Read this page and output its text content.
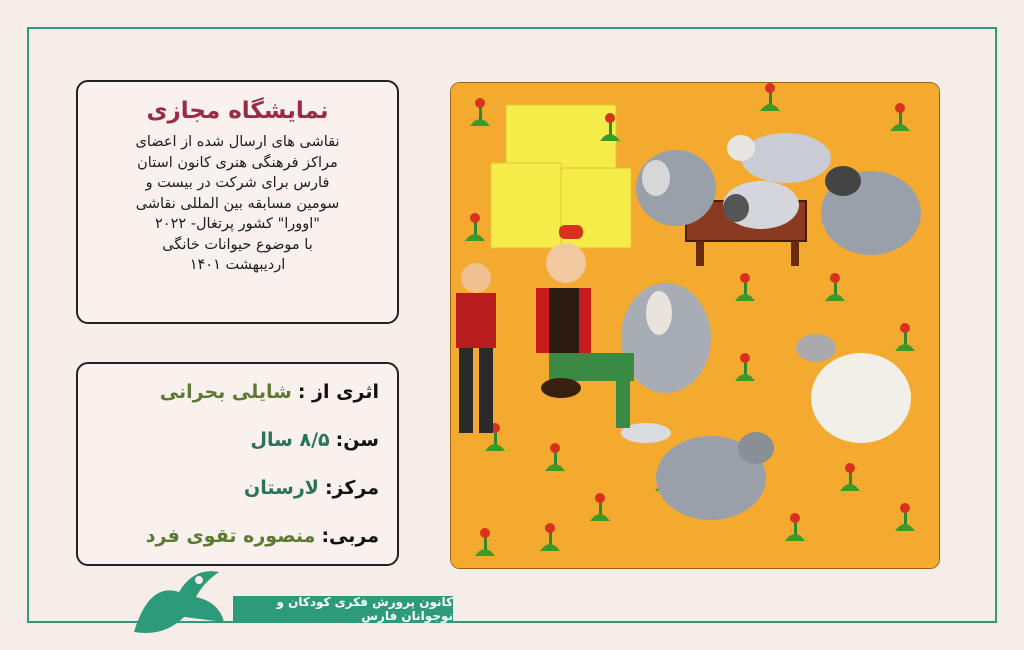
نمایشگاه مجازی
نقاشی های ارسال شده از اعضای
مراکز فرهنگی هنری کانون استان
فارس برای شرکت در بیست و
سومین مسابقه بین المللی نقاشی
"اوورا" کشور پرتغال- ۲۰۲۲
با موضوع حیوانات خانگی
اردیبهشت ۱۴۰۱
اثری از :
شایلی بحرانی
سن:
۸/۵ سال
مرکز:
لارستان
مربی:
منصوره تقوی فرد
کانون پرورش فکری کودکان و نوجوانان فارس
